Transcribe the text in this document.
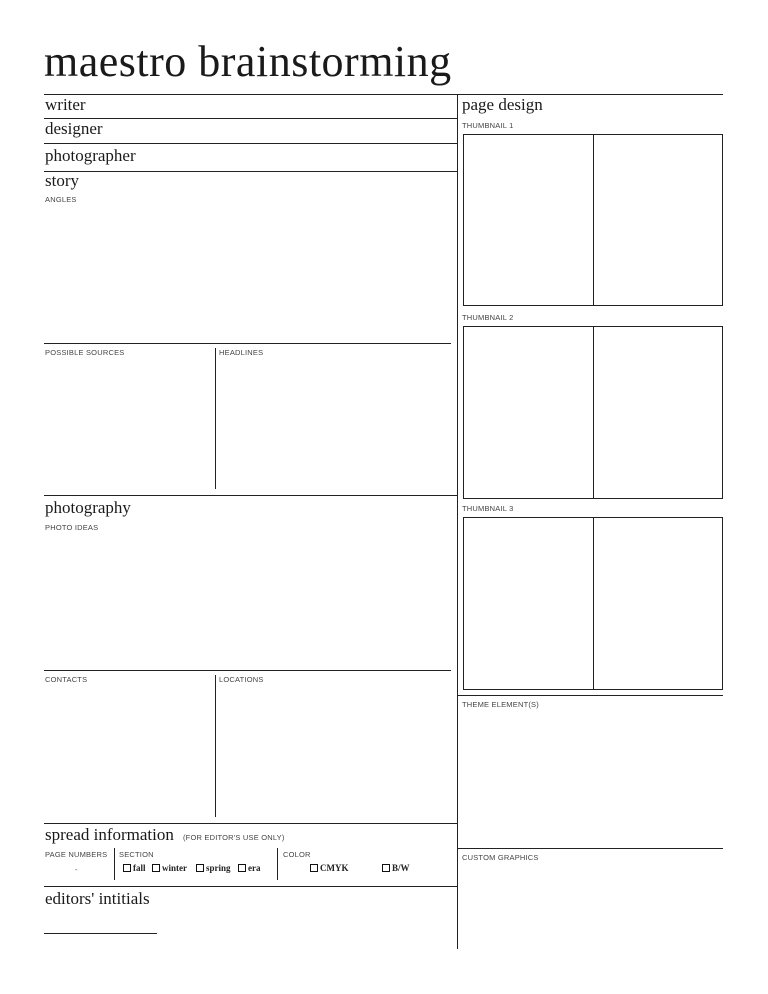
maestro brainstorming
writer
designer
photographer
story
ANGLES
POSSIBLE SOURCES	HEADLINES
photography
PHOTO IDEAS
CONTACTS	LOCATIONS
spread information (FOR EDITOR'S USE ONLY)
PAGE NUMBERS
-
SECTION
fall	winter	spring	era
COLOR
CMYK	B/W
editors' intitials
page design
THUMBNAIL 1
THUMBNAIL 2
THUMBNAIL 3
THEME ELEMENT(S)
CUSTOM GRAPHICS
